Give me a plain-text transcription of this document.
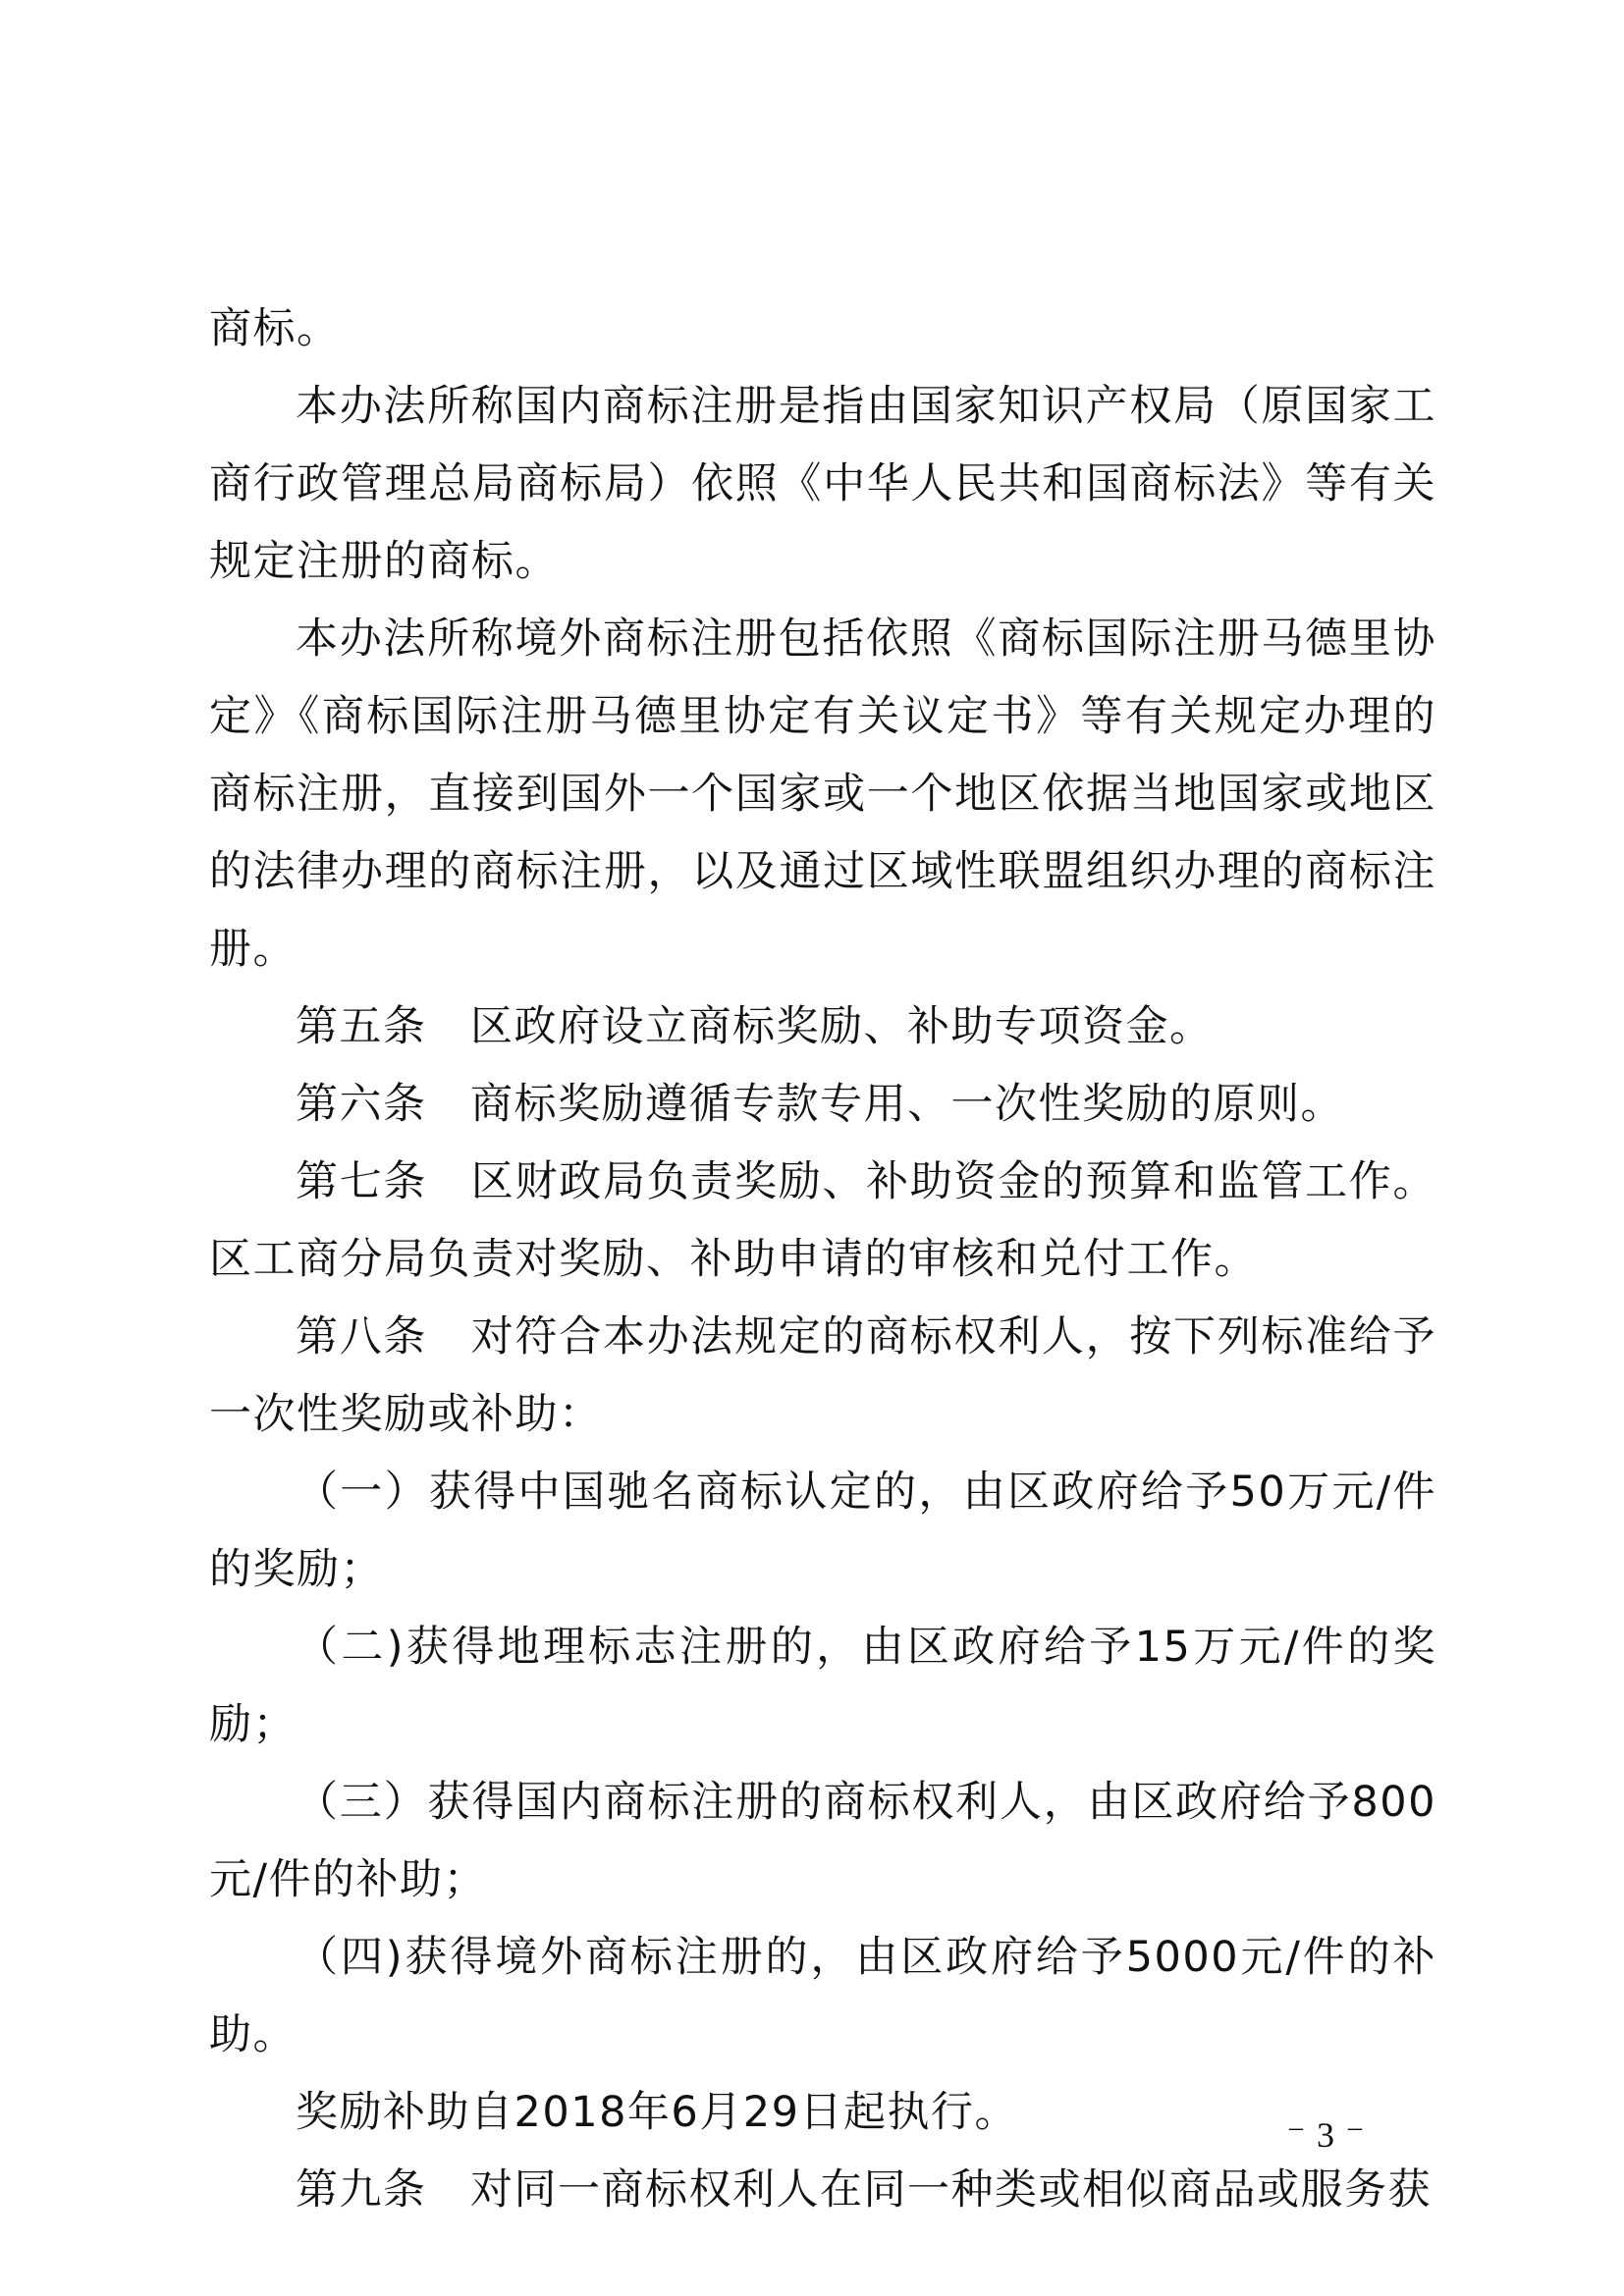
商标。

本办法所称国内商标注册是指由国家知识产权局（原国家工商行政管理总局商标局）依照《中华人民共和国商标法》等有关规定注册的商标。

本办法所称境外商标注册包括依照《商标国际注册马德里协定》《商标国际注册马德里协定有关议定书》等有关规定办理的商标注册，直接到国外一个国家或一个地区依据当地国家或地区的法律办理的商标注册，以及通过区域性联盟组织办理的商标注册。

第五条　区政府设立商标奖励、补助专项资金。

第六条　商标奖励遵循专款专用、一次性奖励的原则。

第七条　区财政局负责奖励、补助资金的预算和监管工作。区工商分局负责对奖励、补助申请的审核和兑付工作。

第八条　对符合本办法规定的商标权利人，按下列标准给予一次性奖励或补助：

（一）获得中国驰名商标认定的，由区政府给予50万元/件的奖励；

（二)获得地理标志注册的，由区政府给予15万元/件的奖励；

（三）获得国内商标注册的商标权利人，由区政府给予800元/件的补助；

（四)获得境外商标注册的，由区政府给予5000元/件的补助。

奖励补助自2018年6月29日起执行。

第九条　对同一商标权利人在同一种类或相似商品或服务获

– 3 –
